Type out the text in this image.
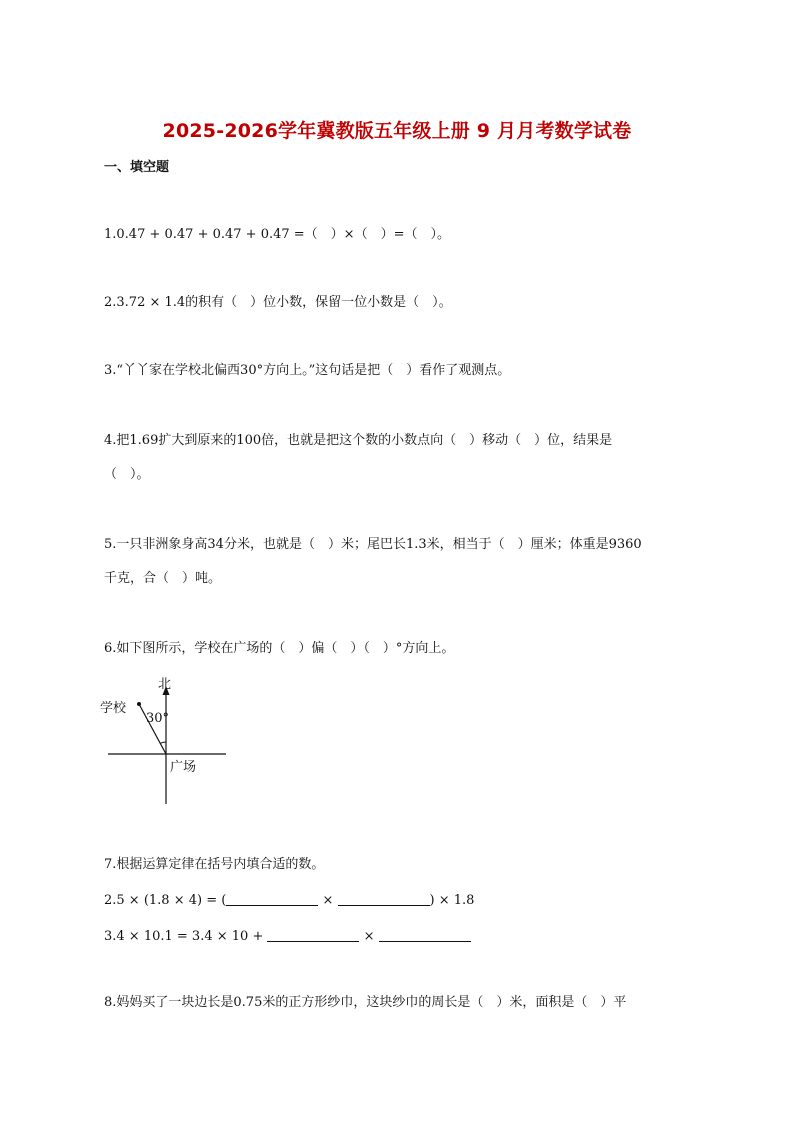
2025-2026学年冀教版五年级上册 9 月月考数学试卷
一、填空题
1.0.47 + 0.47 + 0.47 + 0.47 =（　）×（　）=（　）。
2.3.72 × 1.4的积有（　）位小数，保留一位小数是（　）。
3.“丫丫家在学校北偏西30°方向上。”这句话是把（　）看作了观测点。
4.把1.69扩大到原来的100倍，也就是把这个数的小数点向（　）移动（　）位，结果是
（　）。
5.一只非洲象身高34分米，也就是（　）米；尾巴长1.3米，相当于（　）厘米；体重是9360
千克，合（　）吨。
6.如下图所示，学校在广场的（　）偏（　）（　）°方向上。
北
学校
30°
广场
7.根据运算定律在括号内填合适的数。
2.5 × (1.8 × 4) = (	×	) × 1.8
3.4 × 10.1 = 3.4 × 10 +	×
8.妈妈买了一块边长是0.75米的正方形纱巾，这块纱巾的周长是（　）米，面积是（　）平
